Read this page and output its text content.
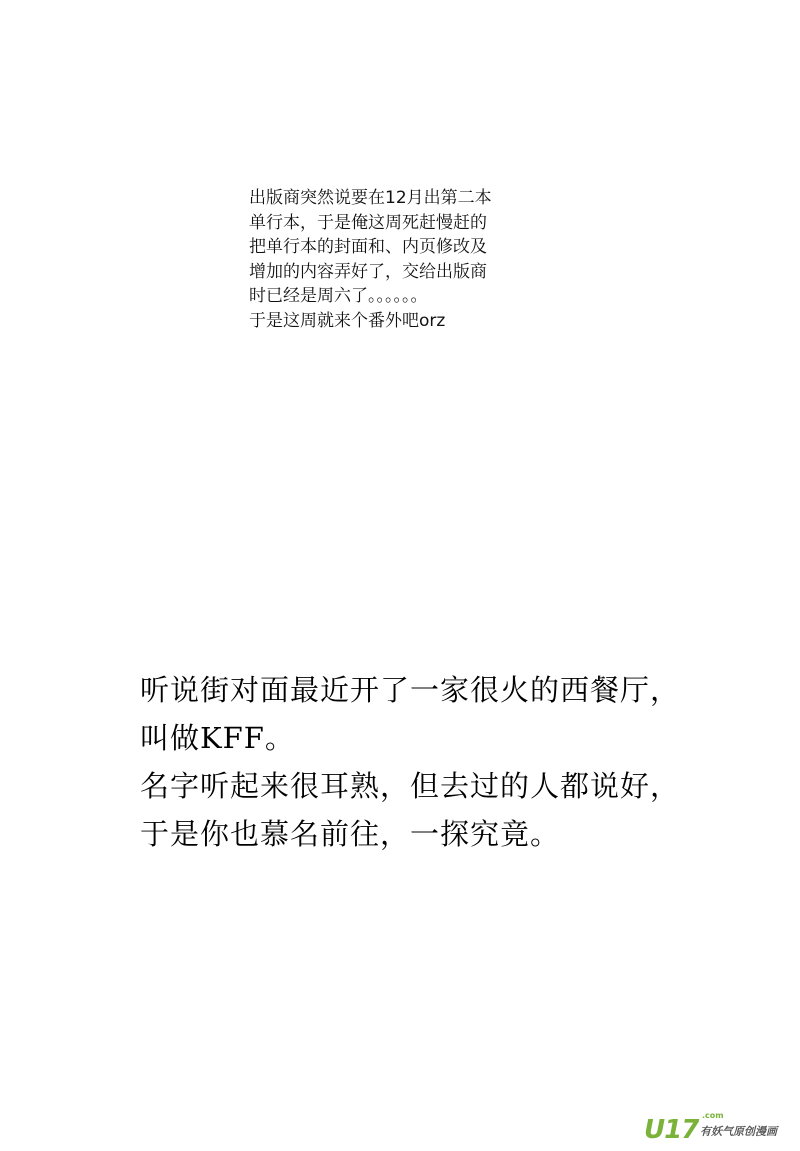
出版商突然说要在12月出第二本
单行本，于是俺这周死赶慢赶的
把单行本的封面和、内页修改及
增加的内容弄好了，交给出版商
时已经是周六了。。。。。。
于是这周就来个番外吧orz
听说街对面最近开了一家很火的西餐厅，
叫做KFF。
名字听起来很耳熟，但去过的人都说好，
于是你也慕名前往，一探究竟。
U17 .com
有妖气原创漫画
